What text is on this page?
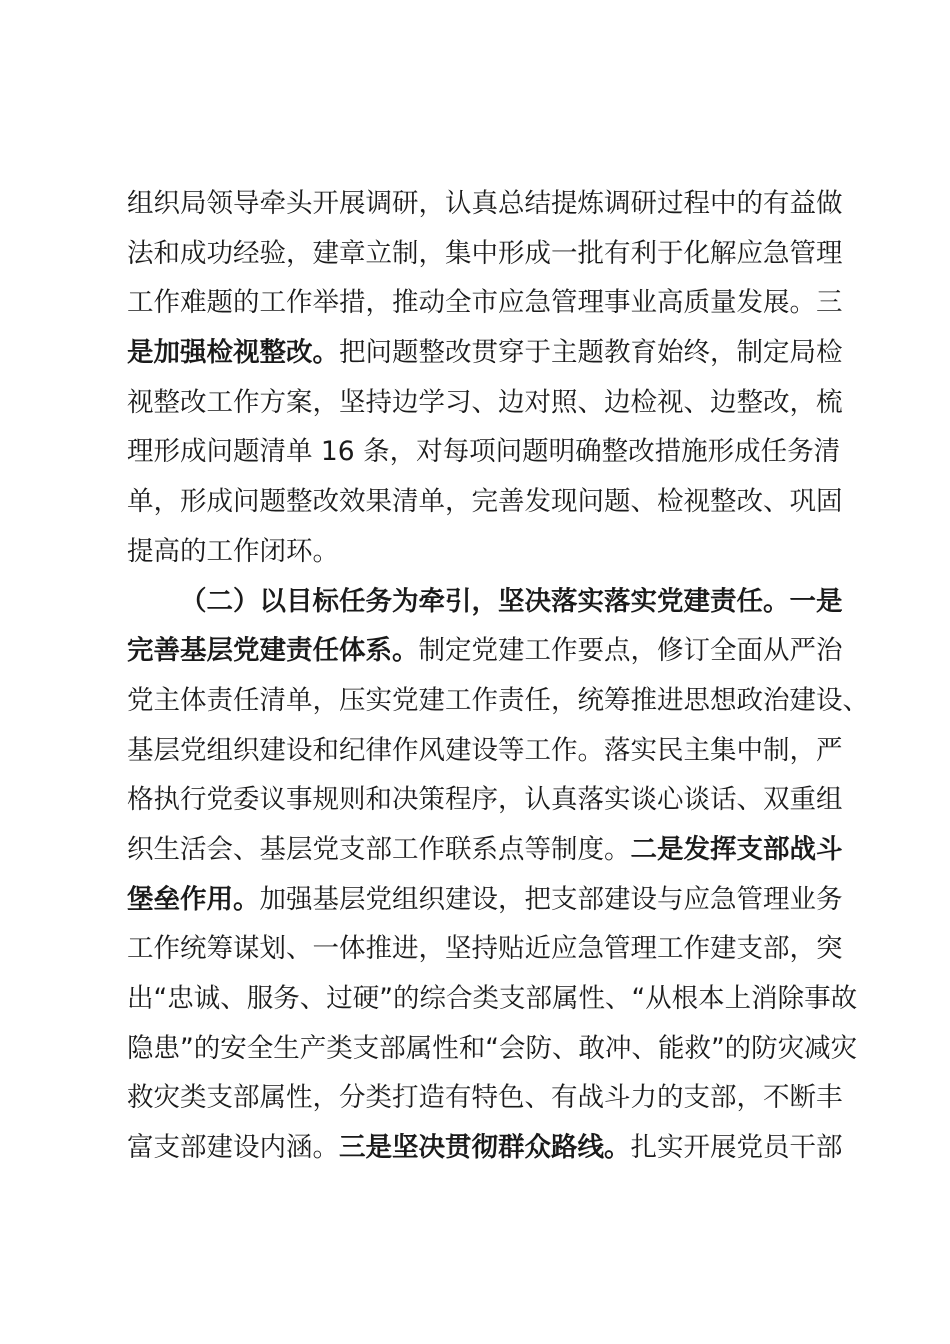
组织局领导牵头开展调研，认真总结提炼调研过程中的有益做
法和成功经验，建章立制，集中形成一批有利于化解应急管理
工作难题的工作举措，推动全市应急管理事业高质量发展。三
是加强检视整改。把问题整改贯穿于主题教育始终，制定局检
视整改工作方案，坚持边学习、边对照、边检视、边整改，梳
理形成问题清单 16 条，对每项问题明确整改措施形成任务清
单，形成问题整改效果清单，完善发现问题、检视整改、巩固
提高的工作闭环。
（二）以目标任务为牵引，坚决落实落实党建责任。一是
完善基层党建责任体系。制定党建工作要点，修订全面从严治
党主体责任清单，压实党建工作责任，统筹推进思想政治建设、
基层党组织建设和纪律作风建设等工作。落实民主集中制，严
格执行党委议事规则和决策程序，认真落实谈心谈话、双重组
织生活会、基层党支部工作联系点等制度。二是发挥支部战斗
堡垒作用。加强基层党组织建设，把支部建设与应急管理业务
工作统筹谋划、一体推进，坚持贴近应急管理工作建支部，突
出“忠诚、服务、过硬”的综合类支部属性、“从根本上消除事故
隐患”的安全生产类支部属性和“会防、敢冲、能救”的防灾减灾
救灾类支部属性，分类打造有特色、有战斗力的支部，不断丰
富支部建设内涵。三是坚决贯彻群众路线。扎实开展党员干部
